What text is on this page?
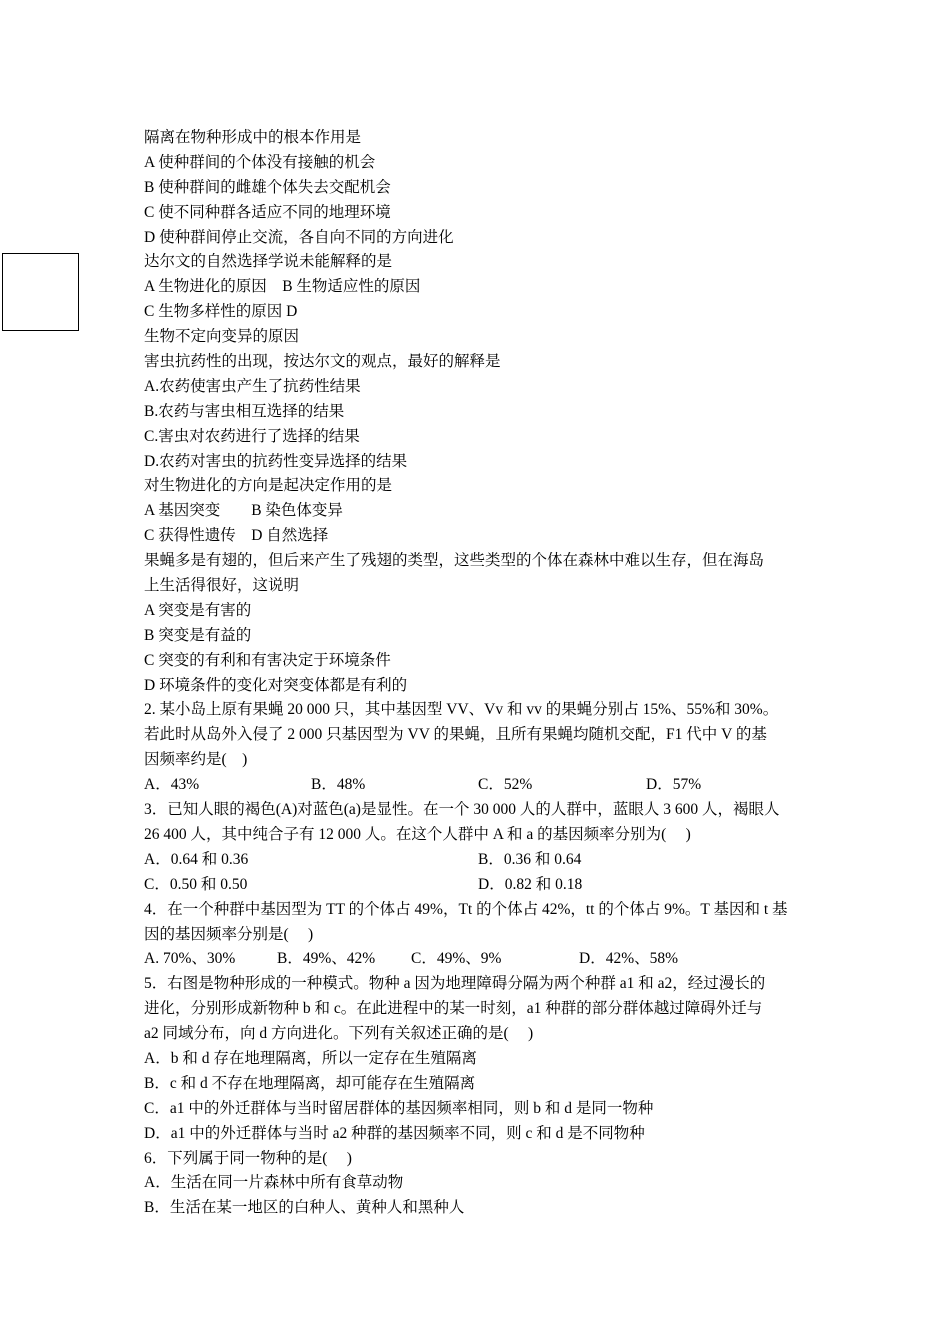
隔离在物种形成中的根本作用是
A 使种群间的个体没有接触的机会
B 使种群间的雌雄个体失去交配机会
C 使不同种群各适应不同的地理环境
D 使种群间停止交流，各自向不同的方向进化
达尔文的自然选择学说未能解释的是
A 生物进化的原因　B 生物适应性的原因
C 生物多样性的原因 D
生物不定向变异的原因
害虫抗药性的出现，按达尔文的观点，最好的解释是
A.农药使害虫产生了抗药性结果
B.农药与害虫相互选择的结果
C.害虫对农药进行了选择的结果
D.农药对害虫的抗药性变异选择的结果
对生物进化的方向是起决定作用的是
A 基因突变　　B 染色体变异
C 获得性遗传　D 自然选择
果蝇多是有翅的，但后来产生了残翅的类型，这些类型的个体在森林中难以生存，但在海岛
上生活得很好，这说明
A 突变是有害的
B 突变是有益的
C 突变的有利和有害决定于环境条件
D 环境条件的变化对突变体都是有利的
2. 某小岛上原有果蝇 20 000 只，其中基因型 VV、Vv 和 vv 的果蝇分别占 15%、55%和 30%。
若此时从岛外入侵了 2 000 只基因型为 VV 的果蝇，且所有果蝇均随机交配，F1 代中 V 的基
因频率约是(　)
A．43%	B．48%	C．52%	D．57%
3．已知人眼的褐色(A)对蓝色(a)是显性。在一个 30 000 人的人群中，蓝眼人 3 600 人，褐眼人
26 400 人，其中纯合子有 12 000 人。在这个人群中 A 和 a 的基因频率分别为(　 )
A．0.64 和 0.36	B．0.36 和 0.64
C．0.50 和 0.50	D．0.82 和 0.18
4．在一个种群中基因型为 TT 的个体占 49%，Tt 的个体占 42%，tt 的个体占 9%。T 基因和 t 基
因的基因频率分别是(　 )
A. 70%、30%	B．49%、42% C．49%、9%	D．42%、58%
5．右图是物种形成的一种模式。物种 a 因为地理障碍分隔为两个种群 a1 和 a2，经过漫长的
进化，分别形成新物种 b 和 c。在此进程中的某一时刻，a1 种群的部分群体越过障碍外迁与
a2 同域分布，向 d 方向进化。下列有关叙述正确的是(　 )
A．b 和 d 存在地理隔离，所以一定存在生殖隔离
B．c 和 d 不存在地理隔离，却可能存在生殖隔离
C．a1 中的外迁群体与当时留居群体的基因频率相同，则 b 和 d 是同一物种
D．a1 中的外迁群体与当时 a2 种群的基因频率不同，则 c 和 d 是不同物种
6．下列属于同一物种的是(　 )
A．生活在同一片森林中所有食草动物
B．生活在某一地区的白种人、黄种人和黑种人
